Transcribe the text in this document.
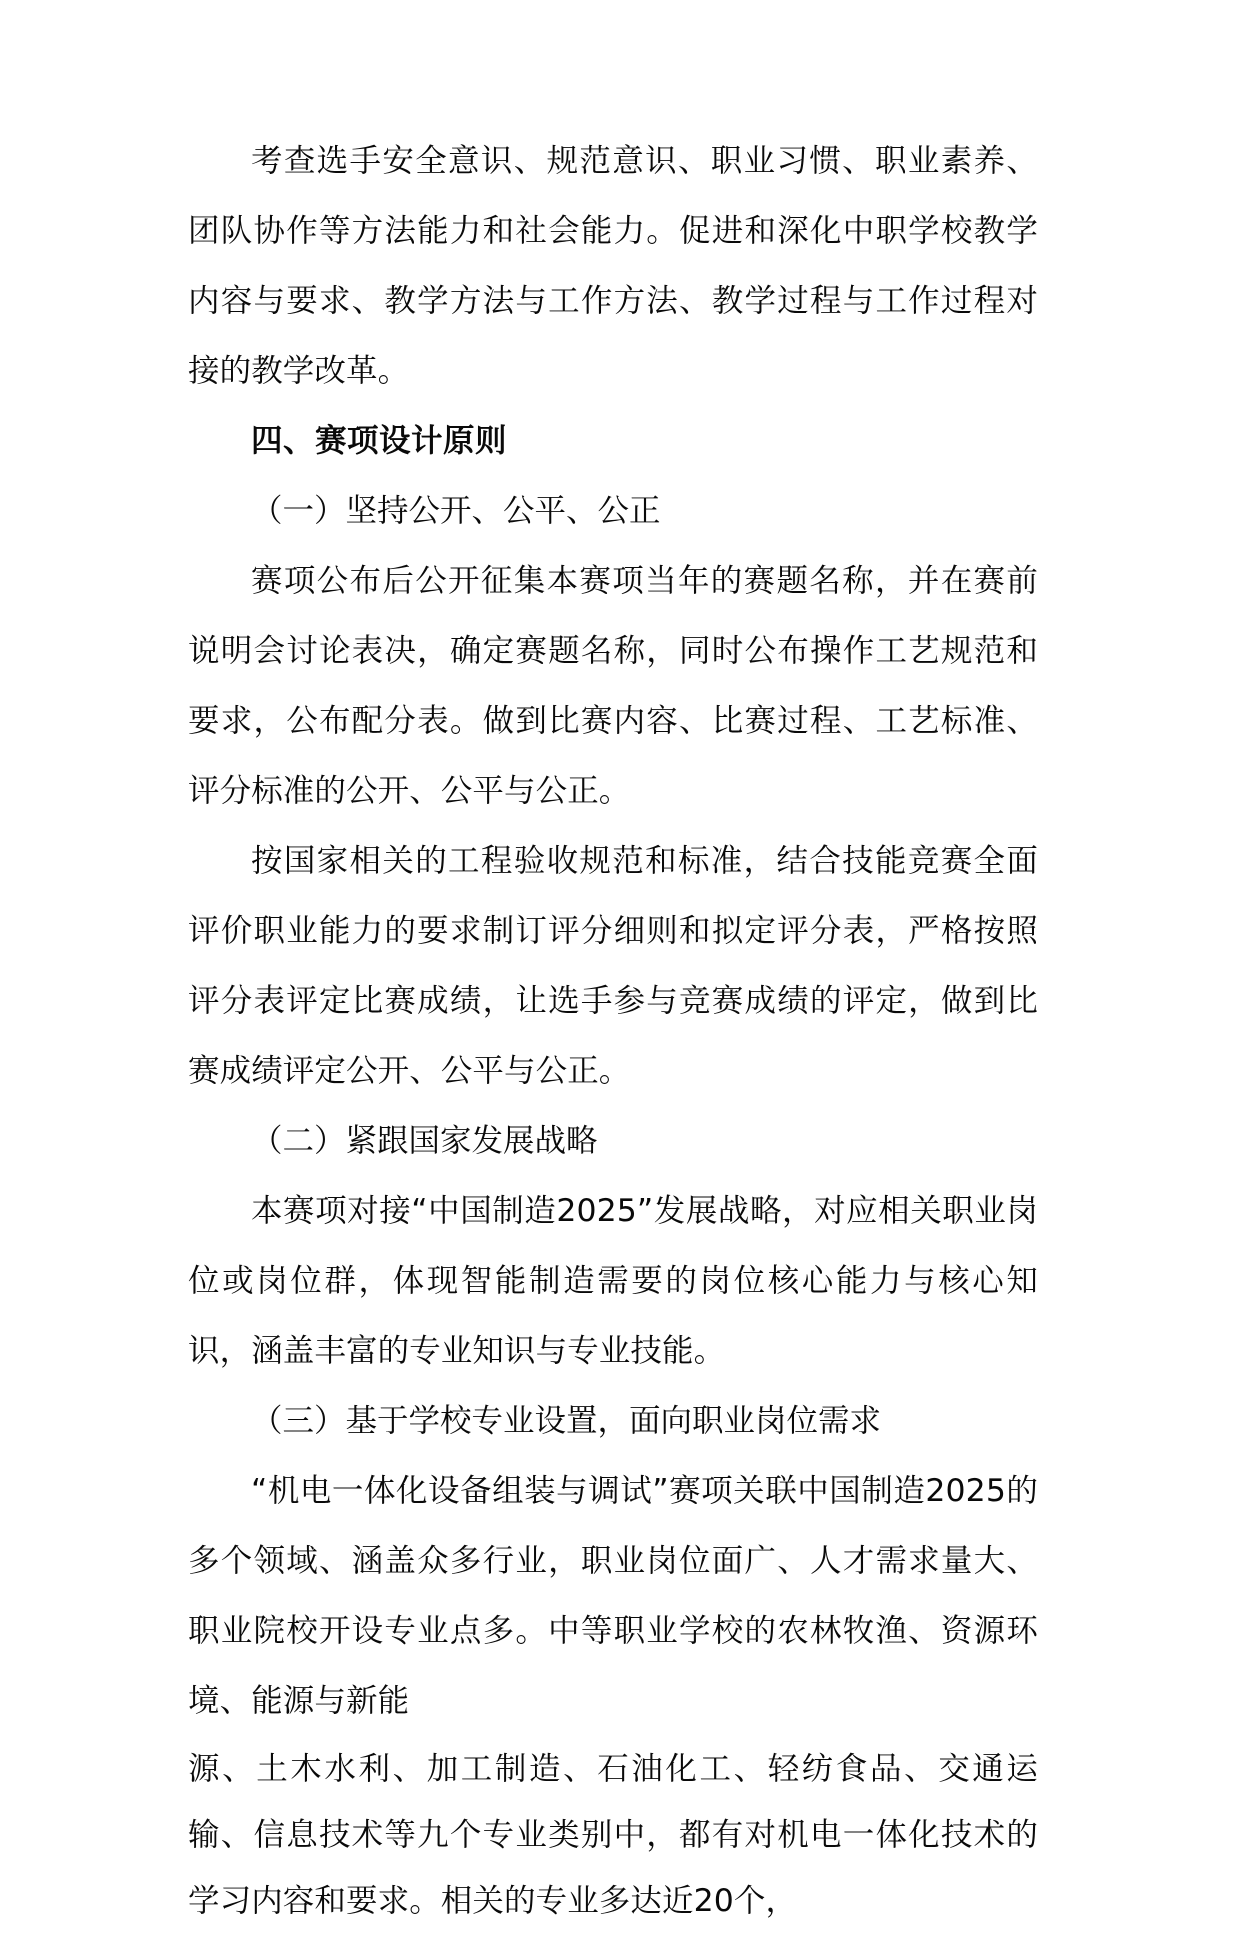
考查选手安全意识、规范意识、职业习惯、职业素养、团队协作等方法能力和社会能力。促进和深化中职学校教学内容与要求、教学方法与工作方法、教学过程与工作过程对接的教学改革。

四、赛项设计原则

（一）坚持公开、公平、公正

赛项公布后公开征集本赛项当年的赛题名称，并在赛前说明会讨论表决，确定赛题名称，同时公布操作工艺规范和要求，公布配分表。做到比赛内容、比赛过程、工艺标准、评分标准的公开、公平与公正。

按国家相关的工程验收规范和标准，结合技能竞赛全面评价职业能力的要求制订评分细则和拟定评分表，严格按照评分表评定比赛成绩，让选手参与竞赛成绩的评定，做到比赛成绩评定公开、公平与公正。

（二）紧跟国家发展战略

本赛项对接“中国制造2025”发展战略，对应相关职业岗位或岗位群，体现智能制造需要的岗位核心能力与核心知识，涵盖丰富的专业知识与专业技能。

（三）基于学校专业设置，面向职业岗位需求

“机电一体化设备组装与调试”赛项关联中国制造2025的多个领域、涵盖众多行业，职业岗位面广、人才需求量大、职业院校开设专业点多。中等职业学校的农林牧渔、资源环境、能源与新能

源、土木水利、加工制造、石油化工、轻纺食品、交通运输、信息技术等九个专业类别中，都有对机电一体化技术的学习内容和要求。相关的专业多达近20个，
